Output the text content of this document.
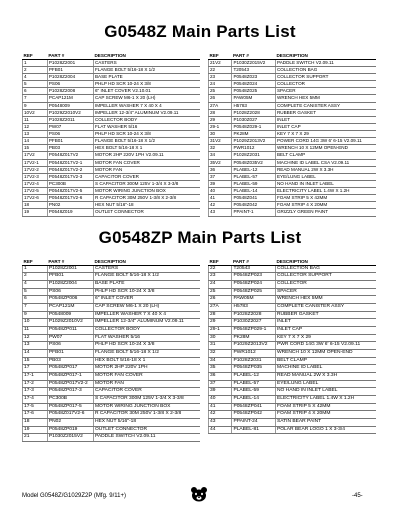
G0548Z Main Parts List
G0548ZP Main Parts List
REF	PART #	DESCRIPTION
1	P1028Z2001	CASTERS
2	PFB01	FLANGE BOLT 5/16-18 X 1/2
4	P1028Z2004	BASE PLATE
5	PS06	PHLP HD SCR 10-24 X 3/8
6	P1028Z2008	6" INLET COVER V2.10.01
7	PCAP121M	CAP SCREW M6-1 X 20 (LH)
9	P0548009	IMPELLER WASHER 7 X 40 X 4
10V2	P1029Z2010V2	IMPELLER 12-3/4" ALUMINUM V2.09.11
11	P1028Z2011	COLLECTOR BODY
12	PW07	FLAT WASHER 5/16
13	PS06	PHLP HD SCR 10-24 X 3/8
14	PFB01	FLANGE BOLT 5/16-18 X 1/2
15	PB03	HEX BOLT 5/16-18 X 1
17V2	P0548Z017V2	MOTOR 2HP 220V 1PH V2.09.11
17V2-1	P0548Z017V2-1	MOTOR FAN COVER
17V2-2	P0548Z017V2-2	MOTOR FAN
17V2-3	P0548Z017V2-3	CAPACITOR COVER
17V2-4	PC300B	S CAPACITOR 300M 125V 1-3/4 X 3-3/8
17V2-5	P0548Z017V2-5	MOTOR WIRING JUNCTION BOX
17V2-6	P0548Z017V2-6	R CAPACITOR 30M 250V 1-3/8 X 2-3/8
18	PN02	HEX NUT 5/16"-18
19	P0548Z019	OUTLET CONNECTOR
REF	PART #	DESCRIPTION
21V2	P1030Z2015V2	PADDLE SWITCH V2.09.11
22	T20543	COLLECTION BAG
23	P0548Z023	COLLECTOR SUPPORT
24	P0548Z024	COLLECTOR
25	P0548Z025	SPACER
26	PAW05M	WRENCH HEX 5MM
27A	H5783	COMPLETE CANISTER ASSY
28	P1028Z2028	RUBBER GASKET
29	P1030Z027	INLET
29-1	P0548Z029-1	INLET CAP
30	PK28M	KEY 7 X 7 X 29
31V2	P1029Z2013V2	POWER CORD 14G 3W 6' 6-15 V2.09.11
32	PWR1012	WRENCH 10 X 12MM OPEN-END
34	P1028Z2031	BELT CLAMP
35V2	P0548Z035V2	MACHINE ID LABEL CSA V2.09.11
36	PLABEL-12	READ MANUAL 2W X 3.3H
37	PLABEL-57	EYE/LUNG LABEL
39	PLABEL-59	NO HAND IN INLET LABEL
40	PLABEL-14	ELECTRICITY LABEL 1.4W X 1.2H
41	P0548Z041	FOAM STRIP 5 X 42MM
42	P0548Z042	FOAM STRIP 4 X 20MM
43	PPAINT-1	GRIZZLY GREEN PAINT
REF	PART #	DESCRIPTION
1	P1028Z2001	CASTERS
2	PFB01	FLANGE BOLT 5/16-18 X 1/2
4	P1028Z2004	BASE PLATE
5	PS06	PHLP HD SCR 10-24 X 3/8
6	P0548ZP006	6" INLET COVER
7	PCAP121M	CAP SCREW M6-1 X 20 (LH)
9	P0548009	IMPELLER WASHER 7 X 40 X 4
10	P1029Z2010V2	IMPELLER 12-3/4" ALUMINUM V2.09.11
11	P0548ZP011	COLLECTOR BODY
12	PW07	FLAT WASHER 5/16
13	PS06	PHLP HD SCR 10-24 X 3/8
14	PFB01	FLANGE BOLT 5/16-18 X 1/2
15	PB03	HEX BOLT 5/16-18 X 1
17	P0548ZP017	MOTOR 2HP 220V 1PH
17-1	P0548ZP017-1	MOTOR FAN COVER
17-2	P0548ZP017V2-2	MOTOR FAN
17-3	P0548ZP017-3	CAPACITOR COVER
17-4	PC300B	S CAPACITOR 300M 125V 1-3/4 X 3-3/8
17-5	P0548ZP017-5	MOTOR WIRING JUNCTION BOX
17-6	P0548Z017V2-6	R CAPACITOR 30M 250V 1-3/8 X 2-3/8
18	PN02	HEX NUT 5/16"-18
19	P0548ZP019	OUTLET CONNECTOR
21	P1030Z2015V2	PADDLE SWITCH V2.09.11
REF	PART #	DESCRIPTION
22	T20543	COLLECTION BAG
23	P0548ZP023	COLLECTOR SUPPORT
24	P0548ZP024	COLLECTOR
25	P0548ZP025	SPACER
26	PAW05M	WRENCH HEX 5MM
27A	H5783	COMPLETE CANISTER ASSY
28	P1028Z2028	RUBBER GASKET
29	P1030Z2027	INLET
29-1	P0548ZP029-1	INLET CAP
30	PK28M	KEY 7 X 7 X 29
31	P1029Z2013V2	PWR CORD 14G 3W 6' 6-15 V2.09.11
32	PWR1012	WRENCH 10 X 12MM OPEN-END
34	P1028Z2031	BELT CLAMP
35	P0548ZP035	MACHINE ID LABEL
36	PLABEL-12	READ MANUAL 2W X 3.3H
37	PLABEL-57	EYE/LUNG LABEL
39	PLABEL-59	NO HAND IN INLET LABEL
40	PLABEL-14	ELECTRICITY LABEL 1.4W X 1.2H
41	P0548ZP041	FOAM STRIP 5 X 42MM
42	P0548ZP042	FOAM STRIP 4 X 20MM
43	PPAINT-24	SATIN BEAR PAINT
44	PLABEL-81	POLAR BEAR LOGO 1 X 3-3/4
Model G0548Z/G1029Z2P (Mfg. 9/11+)	-45-
